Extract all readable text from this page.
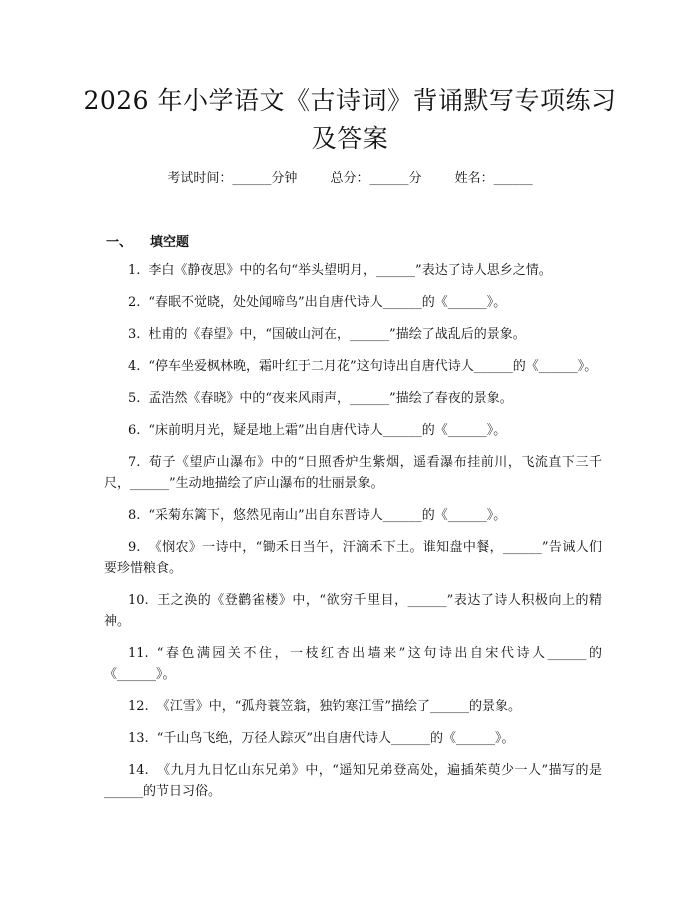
2026 年小学语文《古诗词》背诵默写专项练习及答案
考试时间：______分钟	总分：______分	姓名：______
一、 填空题

1. 李白《静夜思》中的名句“举头望明月，______”表达了诗人思乡之情。

2. “春眠不觉晓，处处闻啼鸟”出自唐代诗人______的《______》。

3. 杜甫的《春望》中，“国破山河在，______”描绘了战乱后的景象。

4. “停车坐爱枫林晚，霜叶红于二月花”这句诗出自唐代诗人______的《______》。

5. 孟浩然《春晓》中的“夜来风雨声，______”描绘了春夜的景象。

6. “床前明月光，疑是地上霜”出自唐代诗人______的《______》。

7. 荀子《望庐山瀑布》中的“日照香炉生紫烟，遥看瀑布挂前川，飞流直下三千尺，______”生动地描绘了庐山瀑布的壮丽景象。

8. “采菊东篱下，悠然见南山”出自东晋诗人______的《______》。

9. 《悯农》一诗中，“锄禾日当午，汗滴禾下土。谁知盘中餐，______”告诫人们要珍惜粮食。

10. 王之涣的《登鹳雀楼》中，“欲穷千里目，______”表达了诗人积极向上的精神。

11. “春色满园关不住，一枝红杏出墙来”这句诗出自宋代诗人______的《______》。

12. 《江雪》中，“孤舟蓑笠翁，独钓寒江雪”描绘了______的景象。

13. “千山鸟飞绝，万径人踪灭”出自唐代诗人______的《______》。

14. 《九月九日忆山东兄弟》中，“遥知兄弟登高处，遍插茱萸少一人”描写的是______的节日习俗。
